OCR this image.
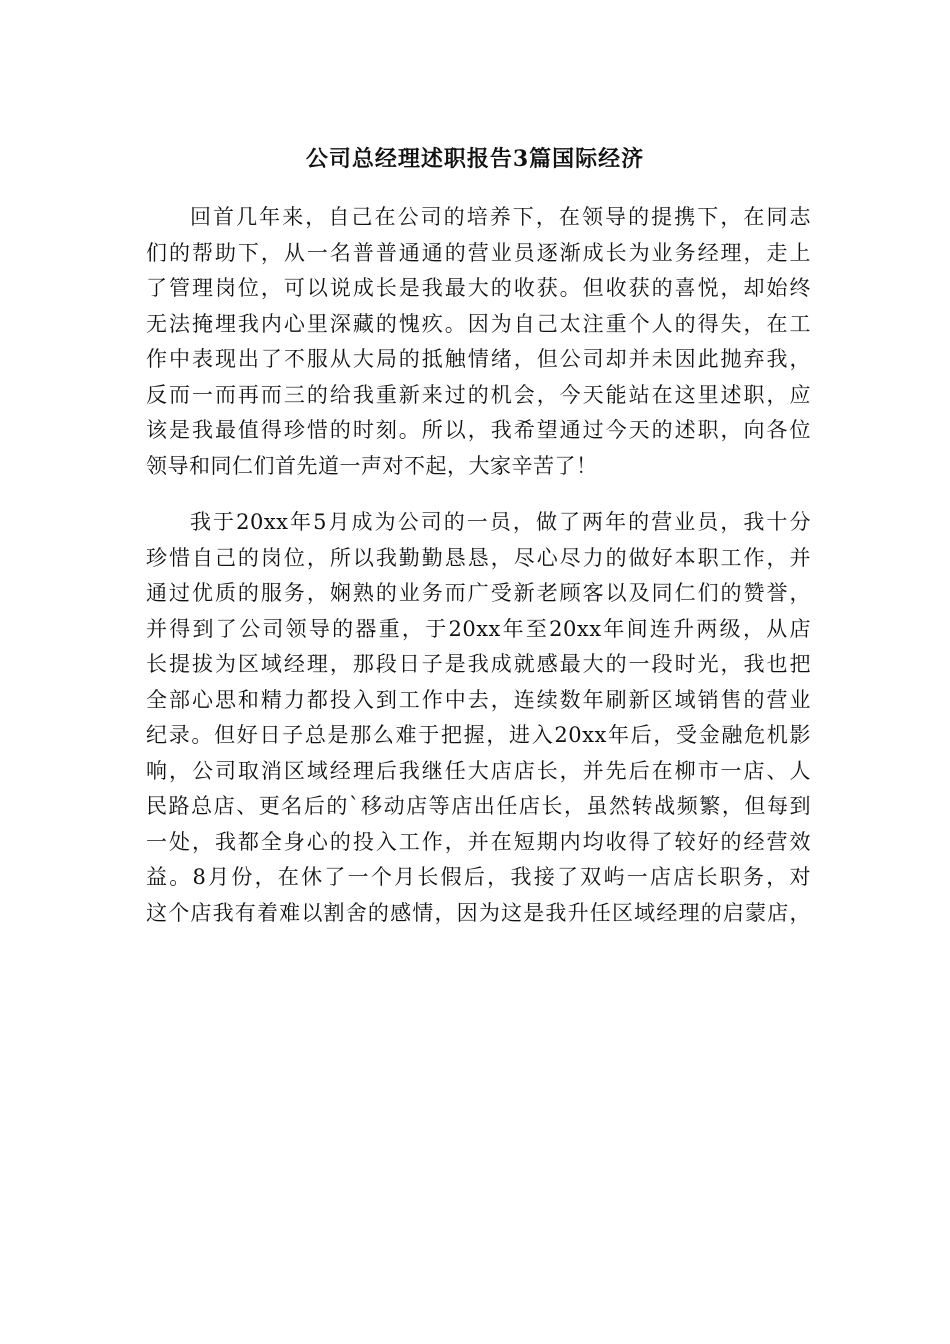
公司总经理述职报告3篇国际经济
回首几年来，自己在公司的培养下，在领导的提携下，在同志
们的帮助下，从一名普普通通的营业员逐渐成长为业务经理，走上
了管理岗位，可以说成长是我最大的收获。但收获的喜悦，却始终
无法掩埋我内心里深藏的愧疚。因为自己太注重个人的得失，在工
作中表现出了不服从大局的抵触情绪，但公司却并未因此抛弃我，
反而一而再而三的给我重新来过的机会，今天能站在这里述职，应
该是我最值得珍惜的时刻。所以，我希望通过今天的述职，向各位
领导和同仁们首先道一声对不起，大家辛苦了！
我于20xx年5月成为公司的一员，做了两年的营业员，我十分
珍惜自己的岗位，所以我勤勤恳恳，尽心尽力的做好本职工作，并
通过优质的服务，娴熟的业务而广受新老顾客以及同仁们的赞誉，
并得到了公司领导的器重，于20xx年至20xx年间连升两级，从店
长提拔为区域经理，那段日子是我成就感最大的一段时光，我也把
全部心思和精力都投入到工作中去，连续数年刷新区域销售的营业
纪录。但好日子总是那么难于把握，进入20xx年后，受金融危机影
响，公司取消区域经理后我继任大店店长，并先后在柳市一店、人
民路总店、更名后的`移动店等店出任店长，虽然转战频繁，但每到
一处，我都全身心的投入工作，并在短期内均收得了较好的经营效
益。8月份，在休了一个月长假后，我接了双屿一店店长职务，对
这个店我有着难以割舍的感情，因为这是我升任区域经理的启蒙店，
